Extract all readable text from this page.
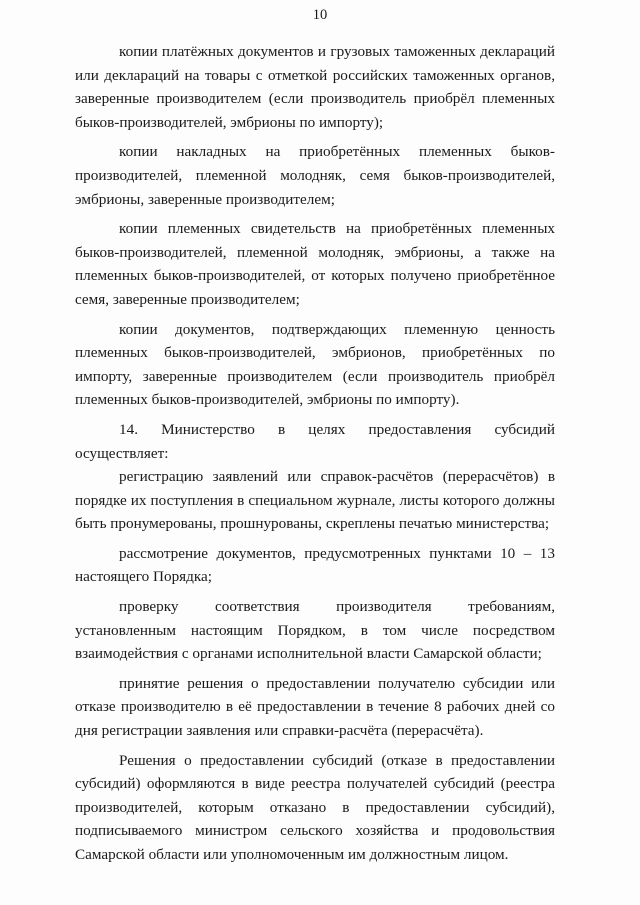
10

копии платёжных документов и грузовых таможенных деклараций или деклараций на товары с отметкой российских таможенных органов, заверенные производителем (если производитель приобрёл племенных быков-производителей, эмбрионы по импорту);

копии накладных на приобретённых племенных быков-производителей, племенной молодняк, семя быков-производителей, эмбрионы, заверенные производителем;

копии племенных свидетельств на приобретённых племенных быков-производителей, племенной молодняк, эмбрионы, а также на племенных быков-производителей, от которых получено приобретённое семя, заверенные производителем;

копии документов, подтверждающих племенную ценность племенных быков-производителей, эмбрионов, приобретённых по импорту, заверенные производителем (если производитель приобрёл племенных быков-производителей, эмбрионы по импорту).

14. Министерство в целях предоставления субсидий осуществляет:

регистрацию заявлений или справок-расчётов (перерасчётов) в порядке их поступления в специальном журнале, листы которого должны быть пронумерованы, прошнурованы, скреплены печатью министерства;

рассмотрение документов, предусмотренных пунктами 10 – 13 настоящего Порядка;

проверку соответствия производителя требованиям, установленным настоящим Порядком, в том числе посредством взаимодействия с органами исполнительной власти Самарской области;

принятие решения о предоставлении получателю субсидии или отказе производителю в её предоставлении в течение 8 рабочих дней со дня регистрации заявления или справки-расчёта (перерасчёта).

Решения о предоставлении субсидий (отказе в предоставлении субсидий) оформляются в виде реестра получателей субсидий (реестра производителей, которым отказано в предоставлении субсидий), подписываемого министром сельского хозяйства и продовольствия Самарской области или уполномоченным им должностным лицом.
